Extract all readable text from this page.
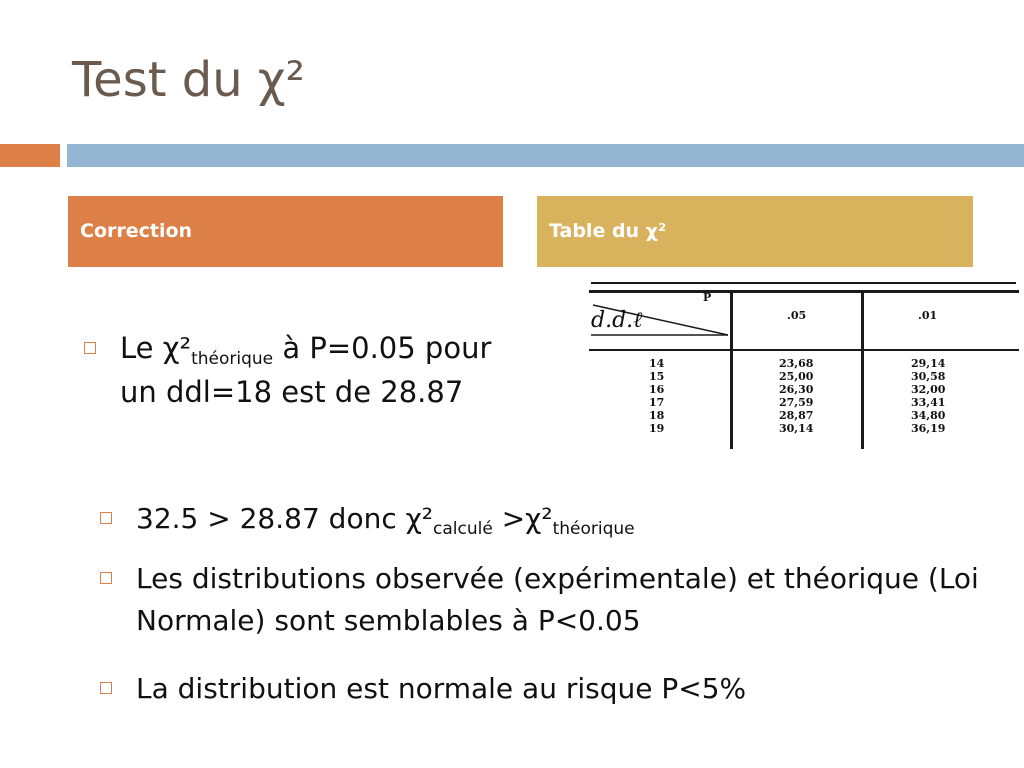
Test du χ²
Correction	Table du χ²
Le $\chi^2_{théorique}$ à P=0.05 pour un ddl=18 est de 28.87
d.d.ℓ
P
.05	.01
14
15
16
17
18
19
23,68
25,00
26,30
27,59
28,87
30,14
29,14
30,58
32,00
33,41
34,80
36,19
32.5 > 28.87 donc $\chi^2_{calculé} >\chi^2_{théorique}$
Les distributions observée (expérimentale) et théorique (Loi Normale) sont semblables à P<0.05
La distribution est normale au risque P<5%
